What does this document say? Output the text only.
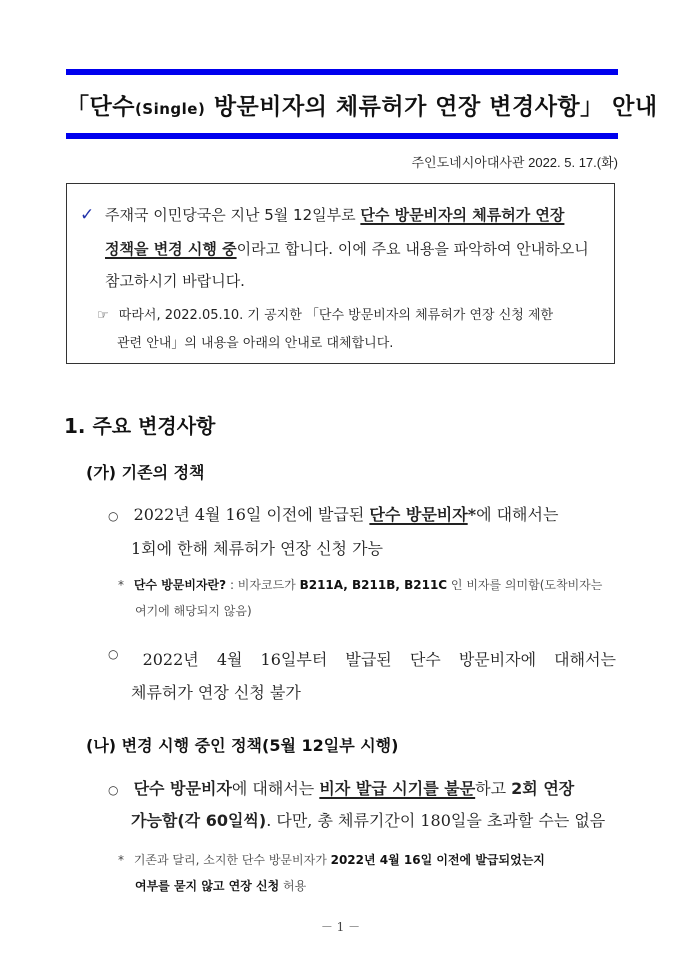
「단수(Single) 방문비자의 체류허가 연장 변경사항」 안내
주인도네시아대사관 2022. 5. 17.(화)
✓ 주재국 이민당국은 지난 5월 12일부로 단수 방문비자의 체류허가 연장
정책을 변경 시행 중이라고 합니다. 이에 주요 내용을 파악하여 안내하오니
참고하시기 바랍니다.
☞ 따라서, 2022.05.10. 기 공지한 「단수 방문비자의 체류허가 연장 신청 제한
관련 안내」의 내용을 아래의 안내로 대체합니다.
1. 주요 변경사항
(가) 기존의 정책
○ 2022년 4월 16일 이전에 발급된 단수 방문비자*에 대해서는
1회에 한해 체류허가 연장 신청 가능
* 단수 방문비자란? : 비자코드가 B211A, B211B, B211C 인 비자를 의미함(도착비자는
여기에 해당되지 않음)
○ 2022년 4월 16일부터 발급된 단수 방문비자에 대해서는
체류허가 연장 신청 불가
(나) 변경 시행 중인 정책(5월 12일부 시행)
○ 단수 방문비자에 대해서는 비자 발급 시기를 불문하고 2회 연장
가능함(각 60일씩). 다만, 총 체류기간이 180일을 초과할 수는 없음
* 기존과 달리, 소지한 단수 방문비자가 2022년 4월 16일 이전에 발급되었는지
여부를 묻지 않고 연장 신청 허용
－ 1 －
